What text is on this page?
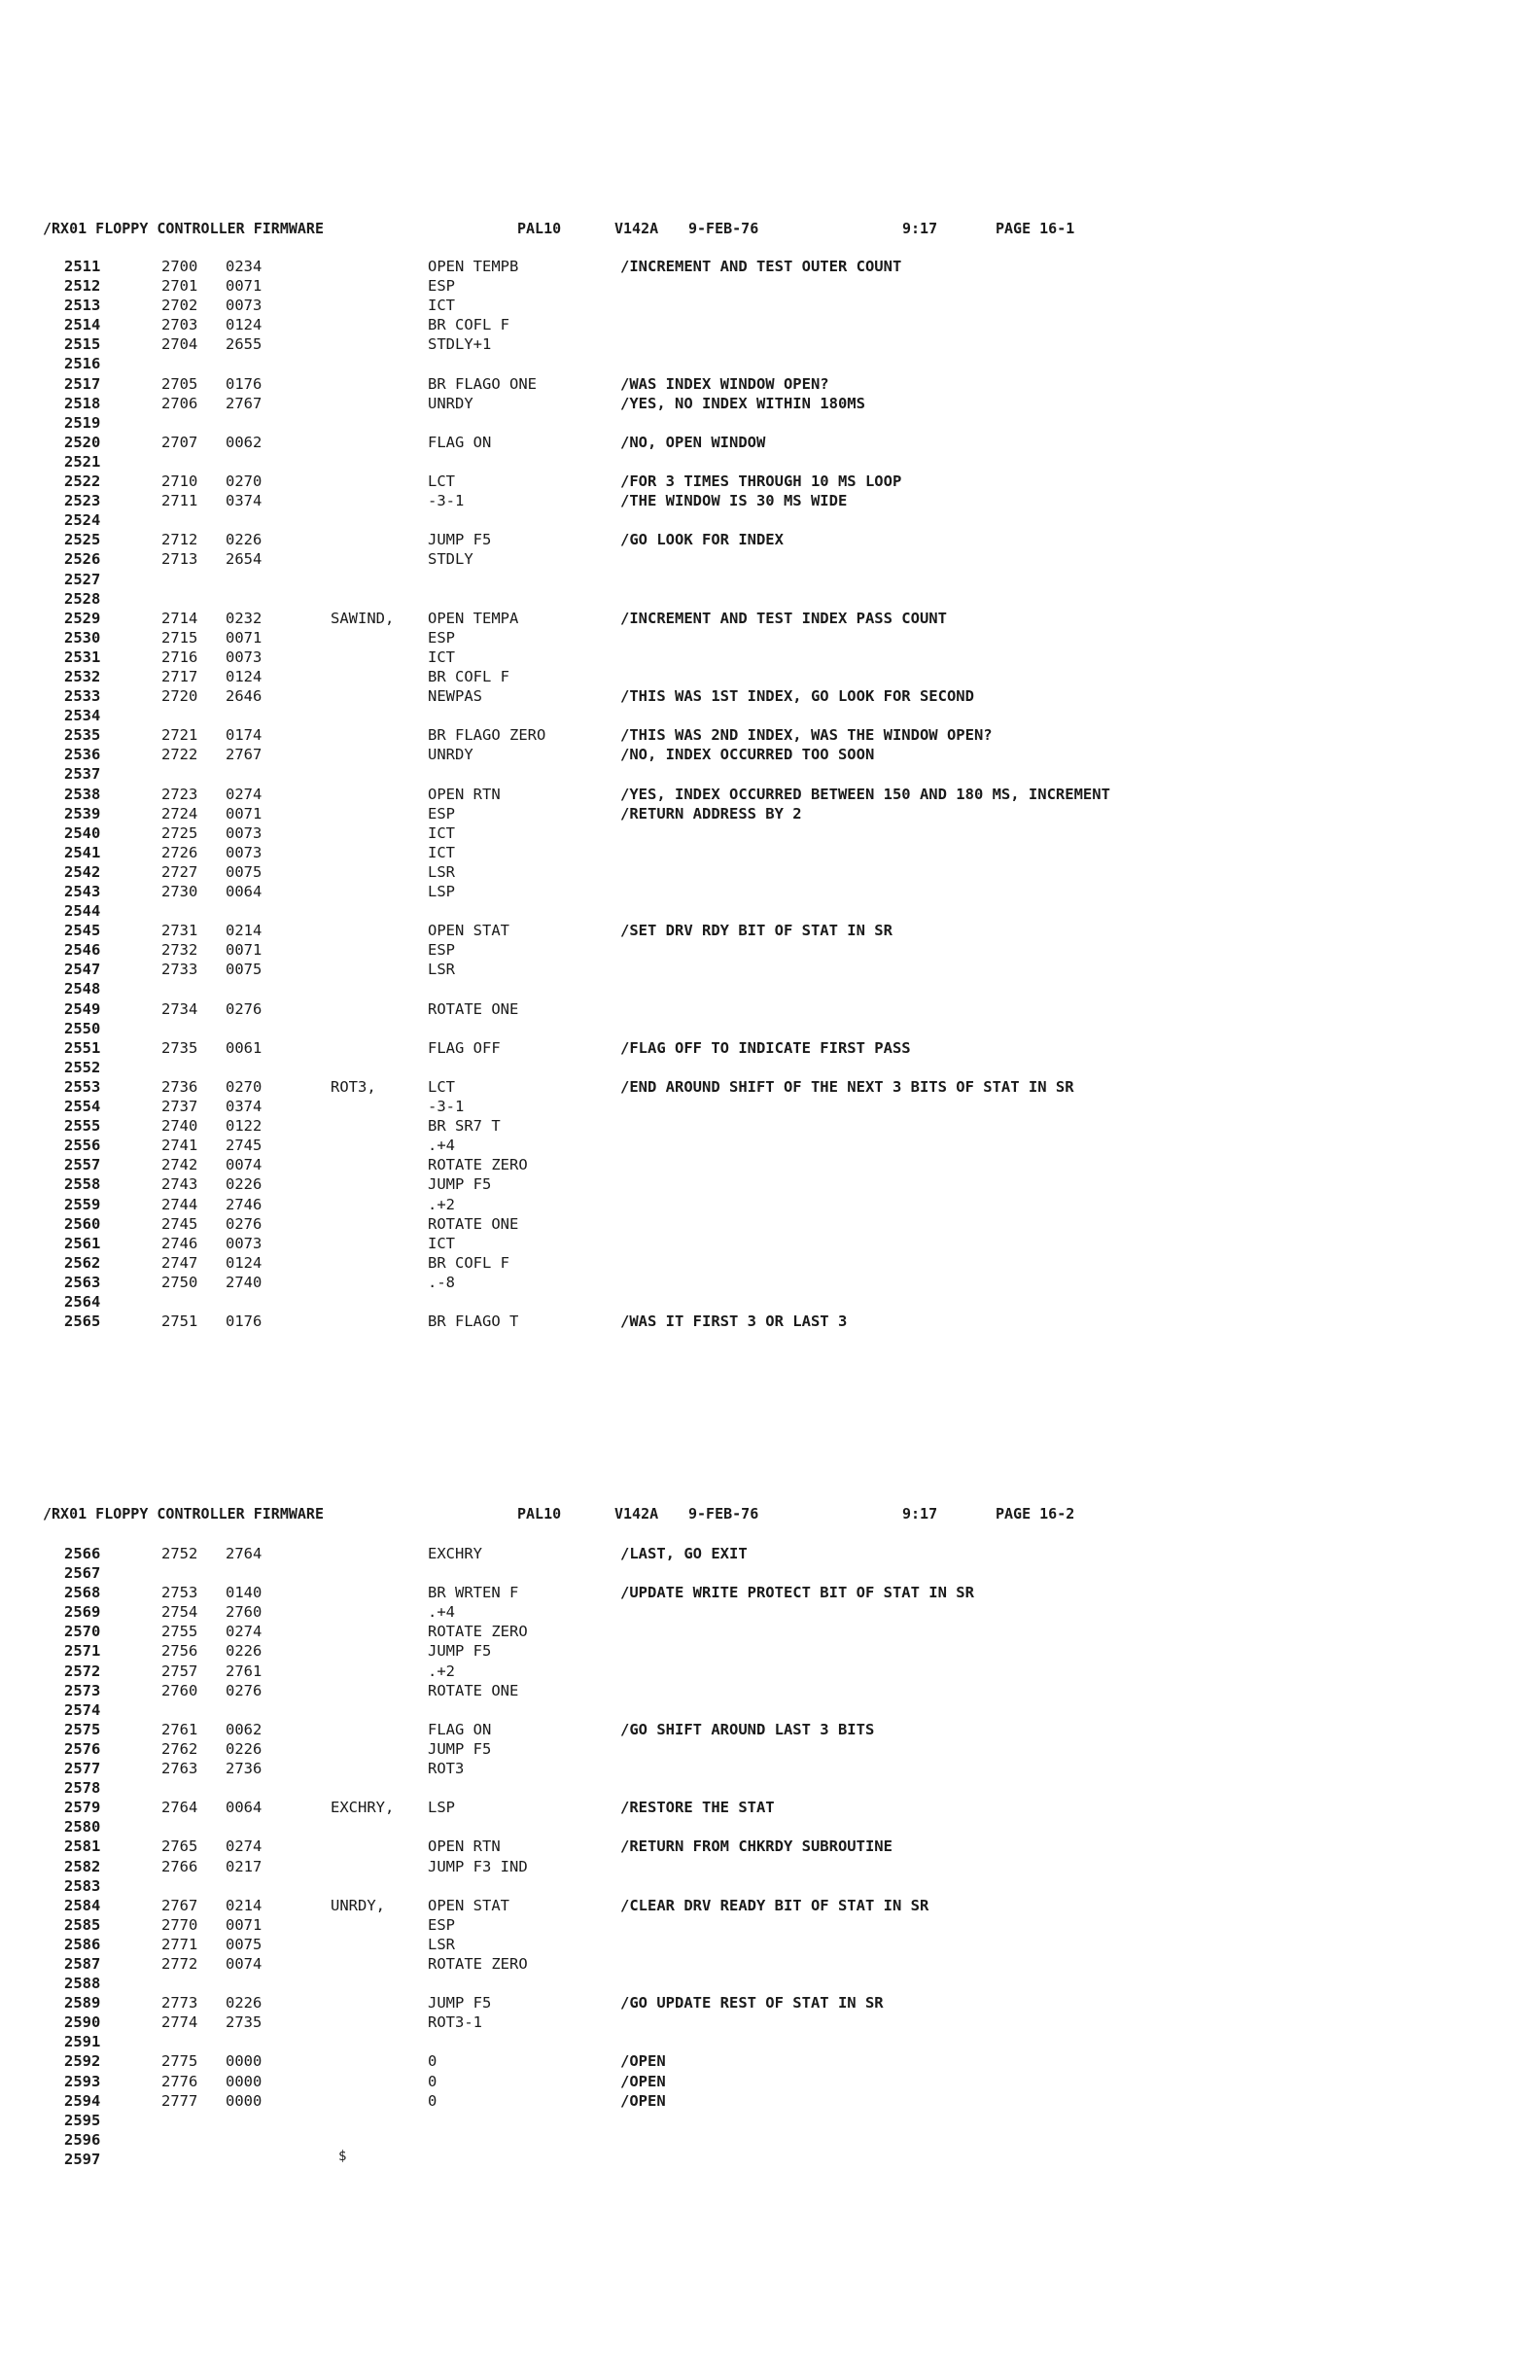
/RX01 FLOPPY CONTROLLER FIRMWARE

	PAL10

	V142A

9-FEB-76

	9:17

	PAGE 16-1

2511	2700 0234	OPEN TEMPB	/INCREMENT AND TEST OUTER COUNT
2512	2701 0071	ESP
2513	2702 0073	ICT
2514	2703 0124	BR COFL F
2515	2704 2655	STDLY+1
2516
2517	2705 0176	BR FLAGO ONE	/WAS INDEX WINDOW OPEN?
2518	2706 2767	UNRDY	/YES, NO INDEX WITHIN 180MS
2519
2520	2707 0062	FLAG ON	/NO, OPEN WINDOW
2521
2522	2710 0270	LCT	/FOR 3 TIMES THROUGH 10 MS LOOP
2523	2711 0374	-3-1	/THE WINDOW IS 30 MS WIDE
2524
2525	2712 0226	JUMP F5	/GO LOOK FOR INDEX
2526	2713 2654	STDLY
2527
2528
2529	2714 0232	SAWIND, OPEN TEMPA	/INCREMENT AND TEST INDEX PASS COUNT
2530	2715 0071	ESP
2531	2716 0073	ICT
2532	2717 0124	BR COFL F
2533	2720 2646	NEWPAS	/THIS WAS 1ST INDEX, GO LOOK FOR SECOND
2534
2535	2721 0174	BR FLAGO ZERO	/THIS WAS 2ND INDEX, WAS THE WINDOW OPEN?
2536	2722 2767	UNRDY	/NO, INDEX OCCURRED TOO SOON
2537
2538	2723 0274	OPEN RTN	/YES, INDEX OCCURRED BETWEEN 150 AND 180 MS, INCREMENT
2539	2724 0071	ESP	/RETURN ADDRESS BY 2
2540	2725 0073	ICT
2541	2726 0073	ICT
2542	2727 0075	LSR
2543	2730 0064	LSP
2544
2545	2731 0214	OPEN STAT	/SET DRV RDY BIT OF STAT IN SR
2546	2732 0071	ESP
2547	2733 0075	LSR
2548
2549	2734 0276	ROTATE ONE
2550
2551	2735 0061	FLAG OFF	/FLAG OFF TO INDICATE FIRST PASS
2552
2553	2736 0270	ROT3,	LCT	/END AROUND SHIFT OF THE NEXT 3 BITS OF STAT IN SR
2554	2737 0374	-3-1
2555	2740 0122	BR SR7 T
2556	2741 2745	.+4
2557	2742 0074	ROTATE ZERO
2558	2743 0226	JUMP F5
2559	2744 2746	.+2
2560	2745 0276	ROTATE ONE
2561	2746 0073	ICT
2562	2747 0124	BR COFL F
2563	2750 2740	.-8
2564
2565	2751 0176	BR FLAGO T	/WAS IT FIRST 3 OR LAST 3

/RX01 FLOPPY CONTROLLER FIRMWARE

	PAL10

	V142A

9-FEB-76

	9:17

	PAGE 16-2

2566	2752 2764	EXCHRY	/LAST, GO EXIT
2567
2568	2753 0140	BR WRTEN F	/UPDATE WRITE PROTECT BIT OF STAT IN SR
2569	2754 2760	.+4
2570	2755 0274	ROTATE ZERO
2571	2756 0226	JUMP F5
2572	2757 2761	.+2
2573	2760 0276	ROTATE ONE
2574
2575	2761 0062	FLAG ON	/GO SHIFT AROUND LAST 3 BITS
2576	2762 0226	JUMP F5
2577	2763 2736	ROT3
2578
2579	2764 0064	EXCHRY, LSP	/RESTORE THE STAT
2580
2581	2765 0274	OPEN RTN	/RETURN FROM CHKRDY SUBROUTINE
2582	2766 0217	JUMP F3 IND
2583
2584	2767 0214	UNRDY,	OPEN STAT	/CLEAR DRV READY BIT OF STAT IN SR
2585	2770 0071	ESP
2586	2771 0075	LSR
2587	2772 0074	ROTATE ZERO
2588
2589	2773 0226	JUMP F5	/GO UPDATE REST OF STAT IN SR
2590	2774 2735	ROT3-1
2591
2592	2775 0000	0	/OPEN
2593	2776 0000	0	/OPEN
2594	2777 0000	0	/OPEN
2595
2596
2597	$
